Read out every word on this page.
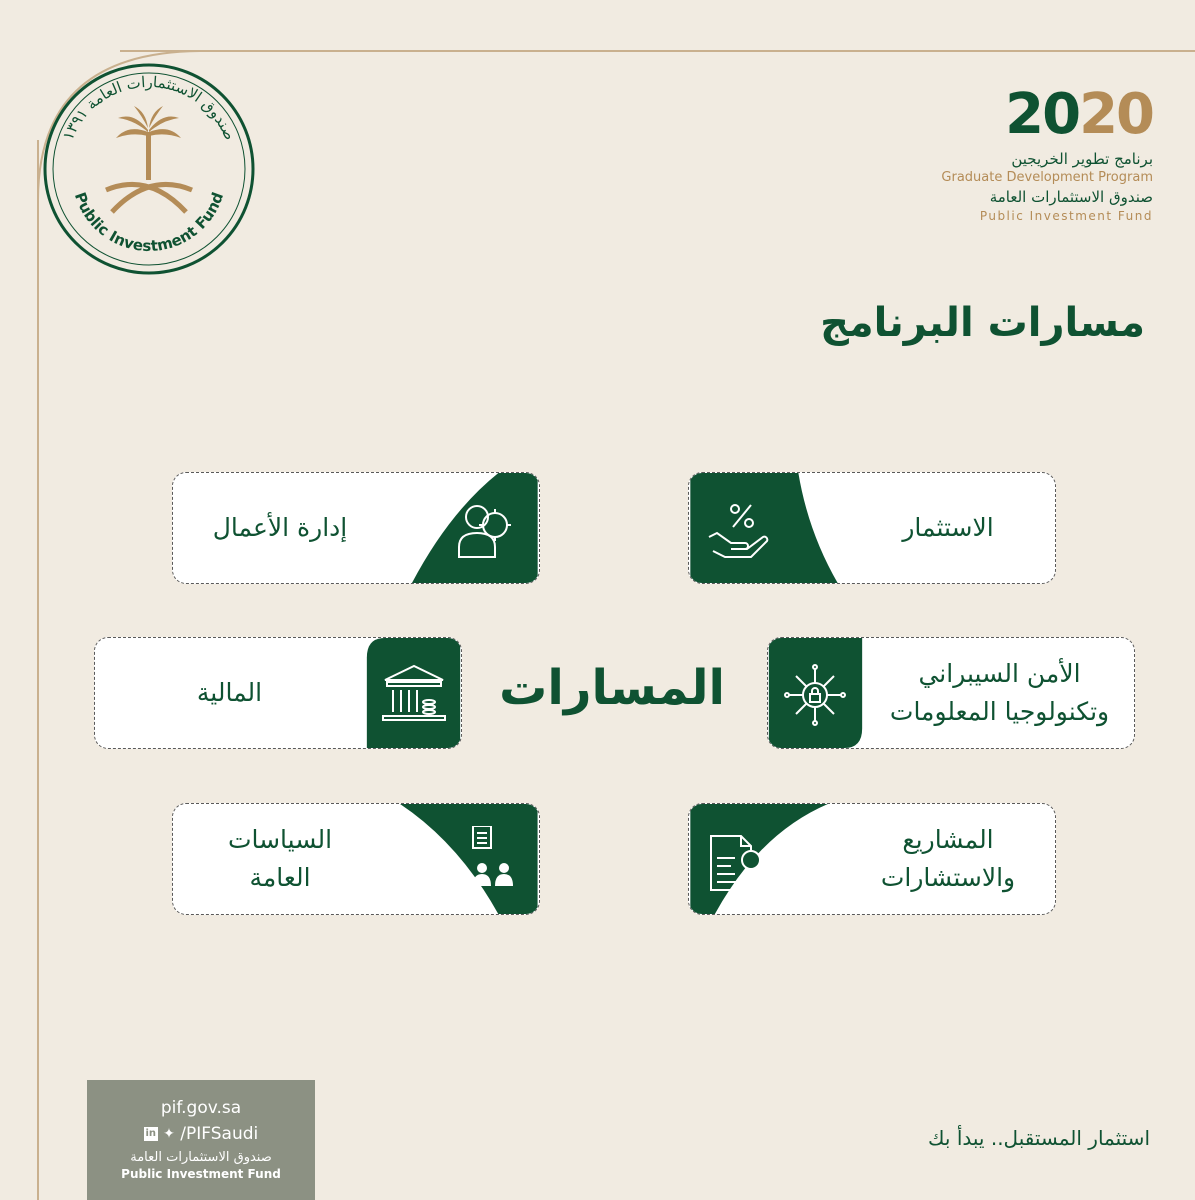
صندوق الاستثمارات العامة ١٣٩١
Public Investment Fund
2020
برنامج تطوير الخريجين
Graduate Development Program
صندوق الاستثمارات العامة
Public Investment Fund
مسارات البرنامج
المسارات
إدارة الأعمال	الاستثمار
المالية
الأمن السيبراني
وتكنولوجيا المعلومات
السياسات
العامة
المشاريع
والاستشارات
pif.gov.sa
in ✦ /PIFSaudi
صندوق الاستثمارات العامة
Public Investment Fund
استثمار المستقبل.. يبدأ بك
